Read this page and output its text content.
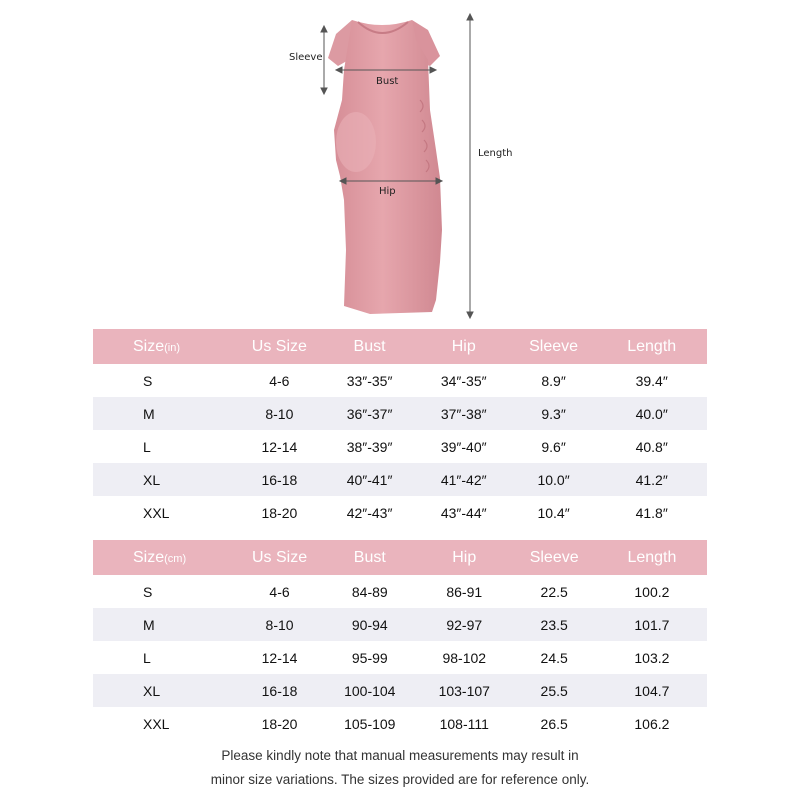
Sleeve
Bust
Hip
Length
Size(in)	Us Size	Bust	Hip	Sleeve	Length
S	4-6	33″-35″	34″-35″	8.9″	39.4″
M	8-10	36″-37″	37″-38″	9.3″	40.0″
L	12-14	38″-39″	39″-40″	9.6″	40.8″
XL	16-18	40″-41″	41″-42″	10.0″	41.2″
XXL	18-20	42″-43″	43″-44″	10.4″	41.8″
Size(cm)	Us Size	Bust	Hip	Sleeve	Length
S	4-6	84-89	86-91	22.5	100.2
M	8-10	90-94	92-97	23.5	101.7
L	12-14	95-99	98-102	24.5	103.2
XL	16-18	100-104	103-107	25.5	104.7
XXL	18-20	105-109	108-111	26.5	106.2
Please kindly note that manual measurements may result in
minor size variations. The sizes provided are for reference only.
